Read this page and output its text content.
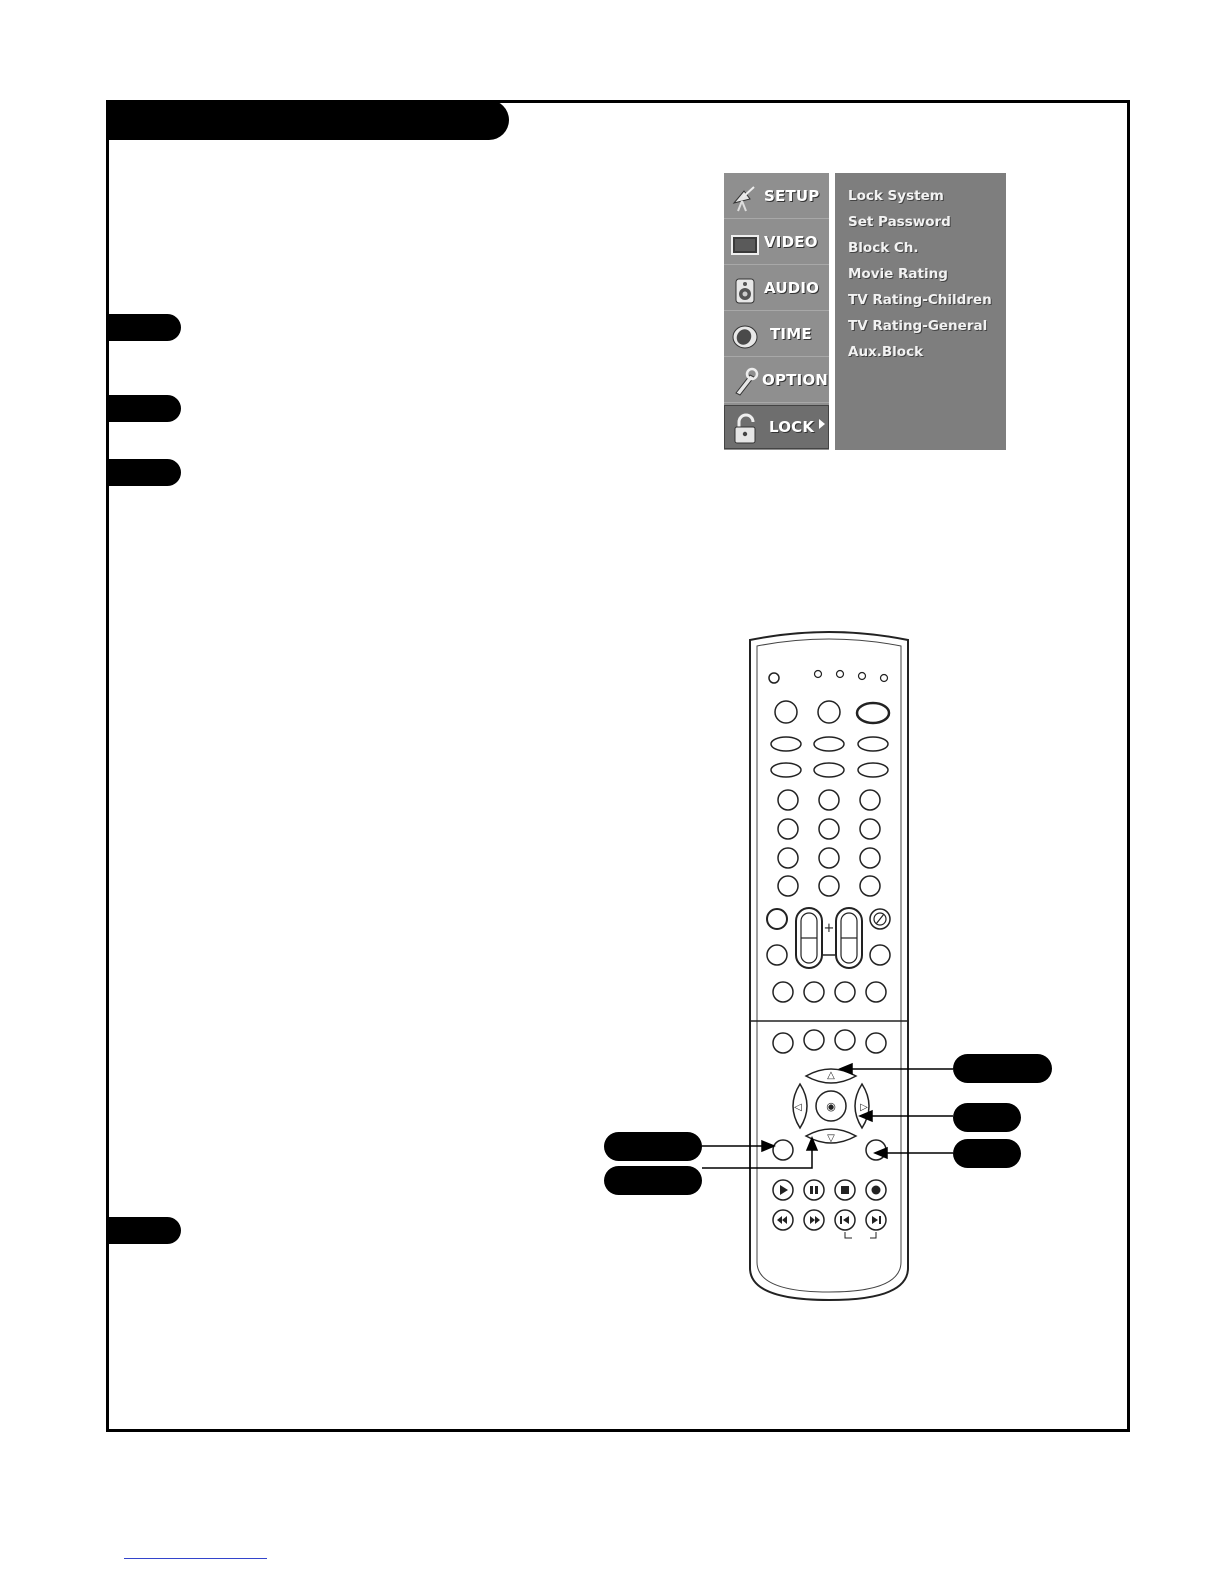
SETUP
VIDEO
AUDIO
TIME
OPTION
LOCK
Lock System
Set Password
Block Ch.
Movie Rating
TV Rating-Children
TV Rating-General
Aux.Block
+
△
▽
◁	▷
◉
